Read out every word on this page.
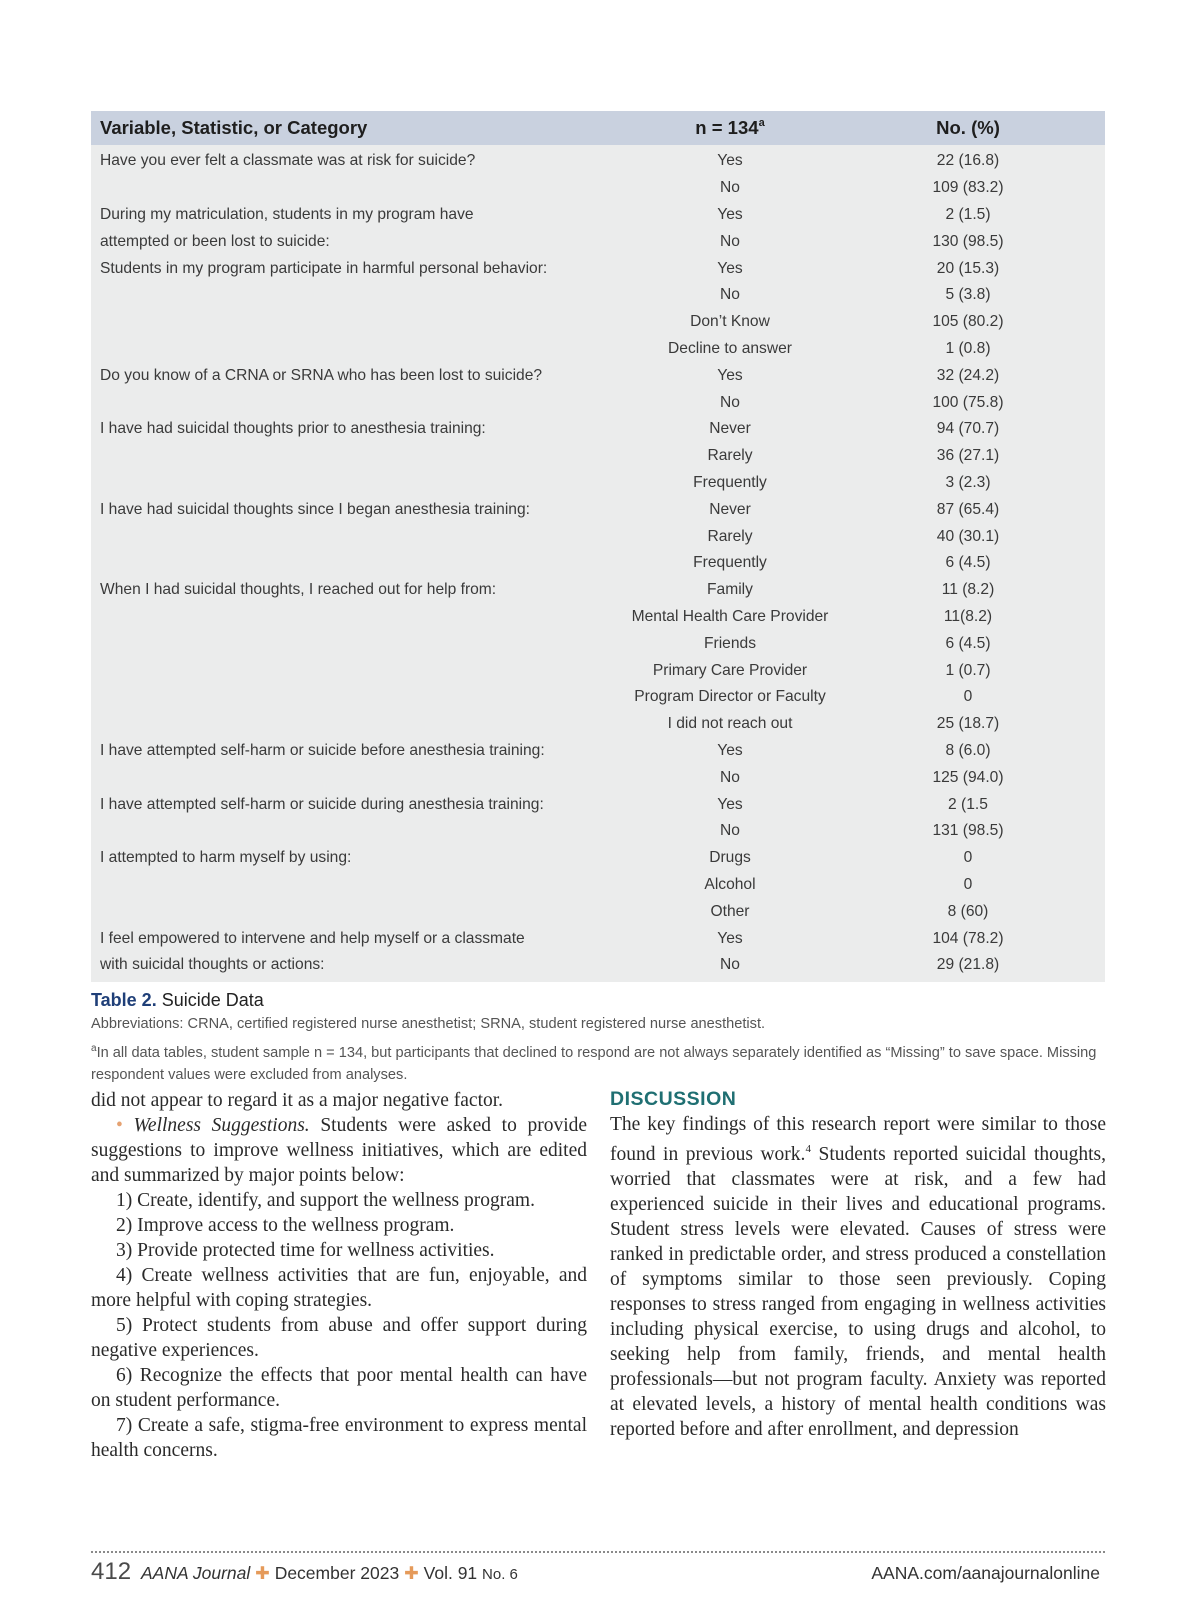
Variable, Statistic, or Category	$n = 134^a$	No. (%)
Have you ever felt a classmate was at risk for suicide?	Yes	22 (16.8)
No	109 (83.2)
During my matriculation, students in my program have	Yes	2 (1.5)
attempted or been lost to suicide:	No	130 (98.5)
Students in my program participate in harmful personal behavior:	Yes	20 (15.3)
No	5 (3.8)
Don’t Know	105 (80.2)
Decline to answer	1 (0.8)
Do you know of a CRNA or SRNA who has been lost to suicide?	Yes	32 (24.2)
No	100 (75.8)
I have had suicidal thoughts prior to anesthesia training:	Never	94 (70.7)
Rarely	36 (27.1)
Frequently	3 (2.3)
I have had suicidal thoughts since I began anesthesia training:	Never	87 (65.4)
Rarely	40 (30.1)
Frequently	6 (4.5)
When I had suicidal thoughts, I reached out for help from:	Family	11 (8.2)
Mental Health Care Provider	11(8.2)
Friends	6 (4.5)
Primary Care Provider	1 (0.7)
Program Director or Faculty	0
I did not reach out	25 (18.7)
I have attempted self-harm or suicide before anesthesia training:	Yes	8 (6.0)
No	125 (94.0)
I have attempted self-harm or suicide during anesthesia training:	Yes	2 (1.5
No	131 (98.5)
I attempted to harm myself by using:	Drugs	0
Alcohol	0
Other	8 (60)
I feel empowered to intervene and help myself or a classmate	Yes	104 (78.2)
with suicidal thoughts or actions:	No	29 (21.8)
Table 2. Suicide Data
Abbreviations: CRNA, certified registered nurse anesthetist; SRNA, student registered nurse anesthetist.
$^a$In all data tables, student sample n = 134, but participants that declined to respond are not always separately identified as “Missing” to save space. Missing respondent values were excluded from analyses.

did not appear to regard it as a major negative factor.

• Wellness Suggestions. Students were asked to provide suggestions to improve wellness initiatives, which are edited and summarized by major points below:

1) Create, identify, and support the wellness program.

2) Improve access to the wellness program.

3) Provide protected time for wellness activities.

4) Create wellness activities that are fun, enjoyable, and more helpful with coping strategies.

5) Protect students from abuse and offer support during negative experiences.

6) Recognize the effects that poor mental health can have on student performance.

7) Create a safe, stigma-free environment to express mental health concerns.

DISCUSSION

The key findings of this research report were similar to those found in previous work.$^4$ Students reported suicidal thoughts, worried that classmates were at risk, and a few had experienced suicide in their lives and educational programs. Student stress levels were elevated. Causes of stress were ranked in predictable order, and stress produced a constellation of symptoms similar to those seen previously. Coping responses to stress ranged from engaging in wellness activities including physical exercise, to using drugs and alcohol, to seeking help from family, friends, and mental health professionals—but not program faculty. Anxiety was reported at elevated levels, a history of mental health conditions was reported before and after enrollment, and depression

412 AANA Journal ✚ December 2023 ✚ Vol. 91 No. 6	AANA.com/aanajournalonline
